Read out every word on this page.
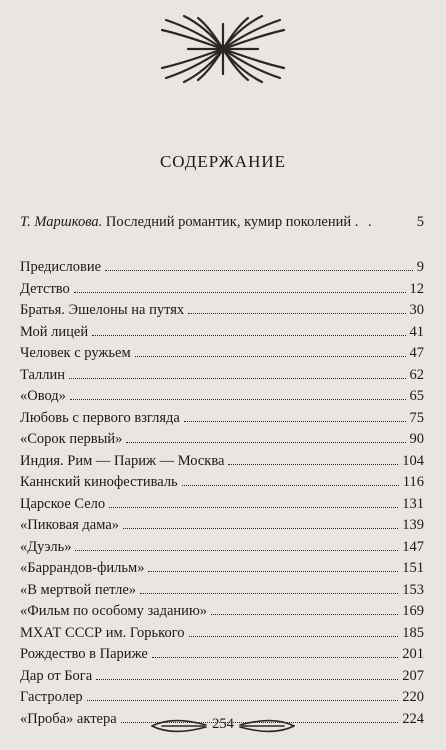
СОДЕРЖАНИЕ
Т. Маршкова. Последний романтик, кумир поколений . .	5
Предисловие	9
Детство	12
Братья. Эшелоны на путях	30
Мой лицей	41
Человек с ружьем	47
Таллин	62
«Овод»	65
Любовь с первого взгляда	75
«Сорок первый»	90
Индия. Рим — Париж — Москва	104
Каннский кинофестиваль	116
Царское Село	131
«Пиковая дама»	139
«Дуэль»	147
«Баррандов-фильм»	151
«В мертвой петле»	153
«Фильм по особому заданию»	169
МХАТ СССР им. Горького	185
Рождество в Париже	201
Дар от Бога	207
Гастролер	220
«Проба» актера	224
254
